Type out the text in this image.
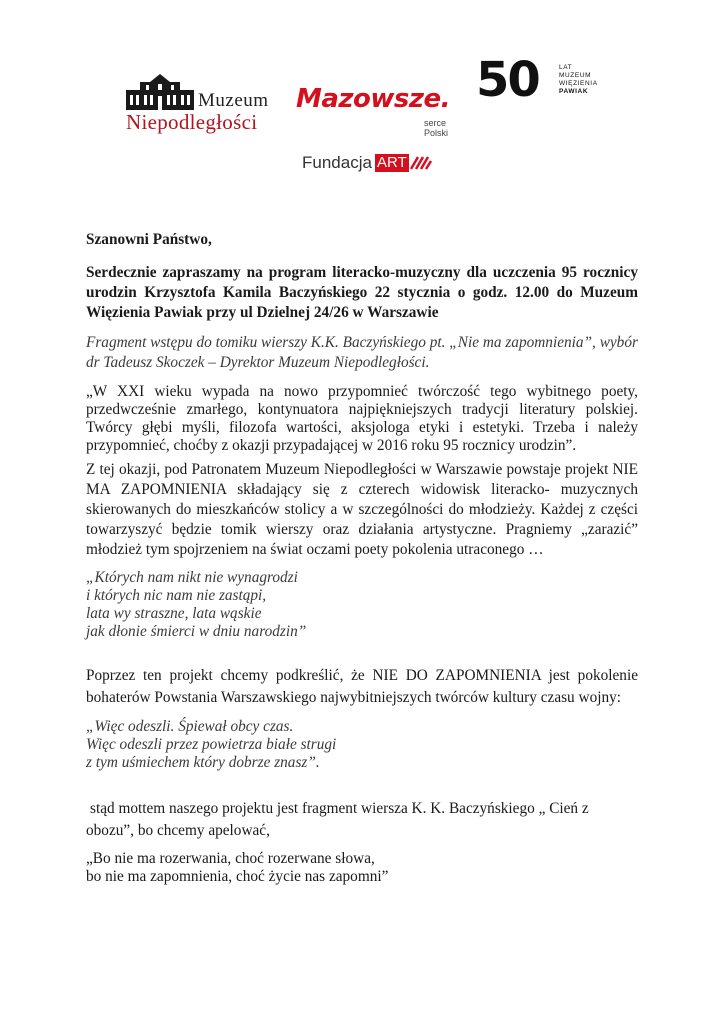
Muzeum
Niepodległości
Mazowsze.
serce Polski
50	LAT
MUZEUM
WIĘZIENIA
PAWIAK
Fundacja ART

Szanowni Państwo,

Serdecznie zapraszamy na program literacko-muzyczny dla uczczenia 95 rocznicy urodzin Krzysztofa Kamila Baczyńskiego 22 stycznia o godz. 12.00 do Muzeum Więzienia Pawiak przy ul Dzielnej 24/26 w Warszawie

Fragment wstępu do tomiku wierszy K.K. Baczyńskiego pt. „Nie ma zapomnienia”, wybór dr Tadeusz Skoczek – Dyrektor Muzeum Niepodległości.

„W XXI wieku wypada na nowo przypomnieć twórczość tego wybitnego poety, przedwcześnie zmarłego, kontynuatora najpiękniejszych tradycji literatury polskiej. Twórcy głębi myśli, filozofa wartości, aksjologa etyki i estetyki. Trzeba i należy przypomnieć, choćby z okazji przypadającej w 2016 roku 95 rocznicy urodzin”.

Z tej okazji, pod Patronatem Muzeum Niepodległości w Warszawie powstaje projekt NIE MA ZAPOMNIENIA składający się z czterech widowisk literacko- muzycznych skierowanych do mieszkańców stolicy a w szczególności do młodzieży. Każdej z części towarzyszyć będzie tomik wierszy oraz działania artystyczne. Pragniemy „zarazić” młodzież tym spojrzeniem na świat oczami poety pokolenia utraconego …

„Których nam nikt nie wynagrodzi
i których nic nam nie zastąpi,
lata wy straszne, lata wąskie
jak dłonie śmierci w dniu narodzin”

Poprzez ten projekt chcemy podkreślić, że NIE DO ZAPOMNIENIA jest pokolenie bohaterów Powstania Warszawskiego najwybitniejszych twórców kultury czasu wojny:

„Więc odeszli. Śpiewał obcy czas.
Więc odeszli przez powietrza białe strugi
z tym uśmiechem który dobrze znasz”.

stąd mottem naszego projektu jest fragment wiersza K. K. Baczyńskiego „ Cień z obozu”, bo chcemy apelować,

„Bo nie ma rozerwania, choć rozerwane słowa,
bo nie ma zapomnienia, choć życie nas zapomni”
